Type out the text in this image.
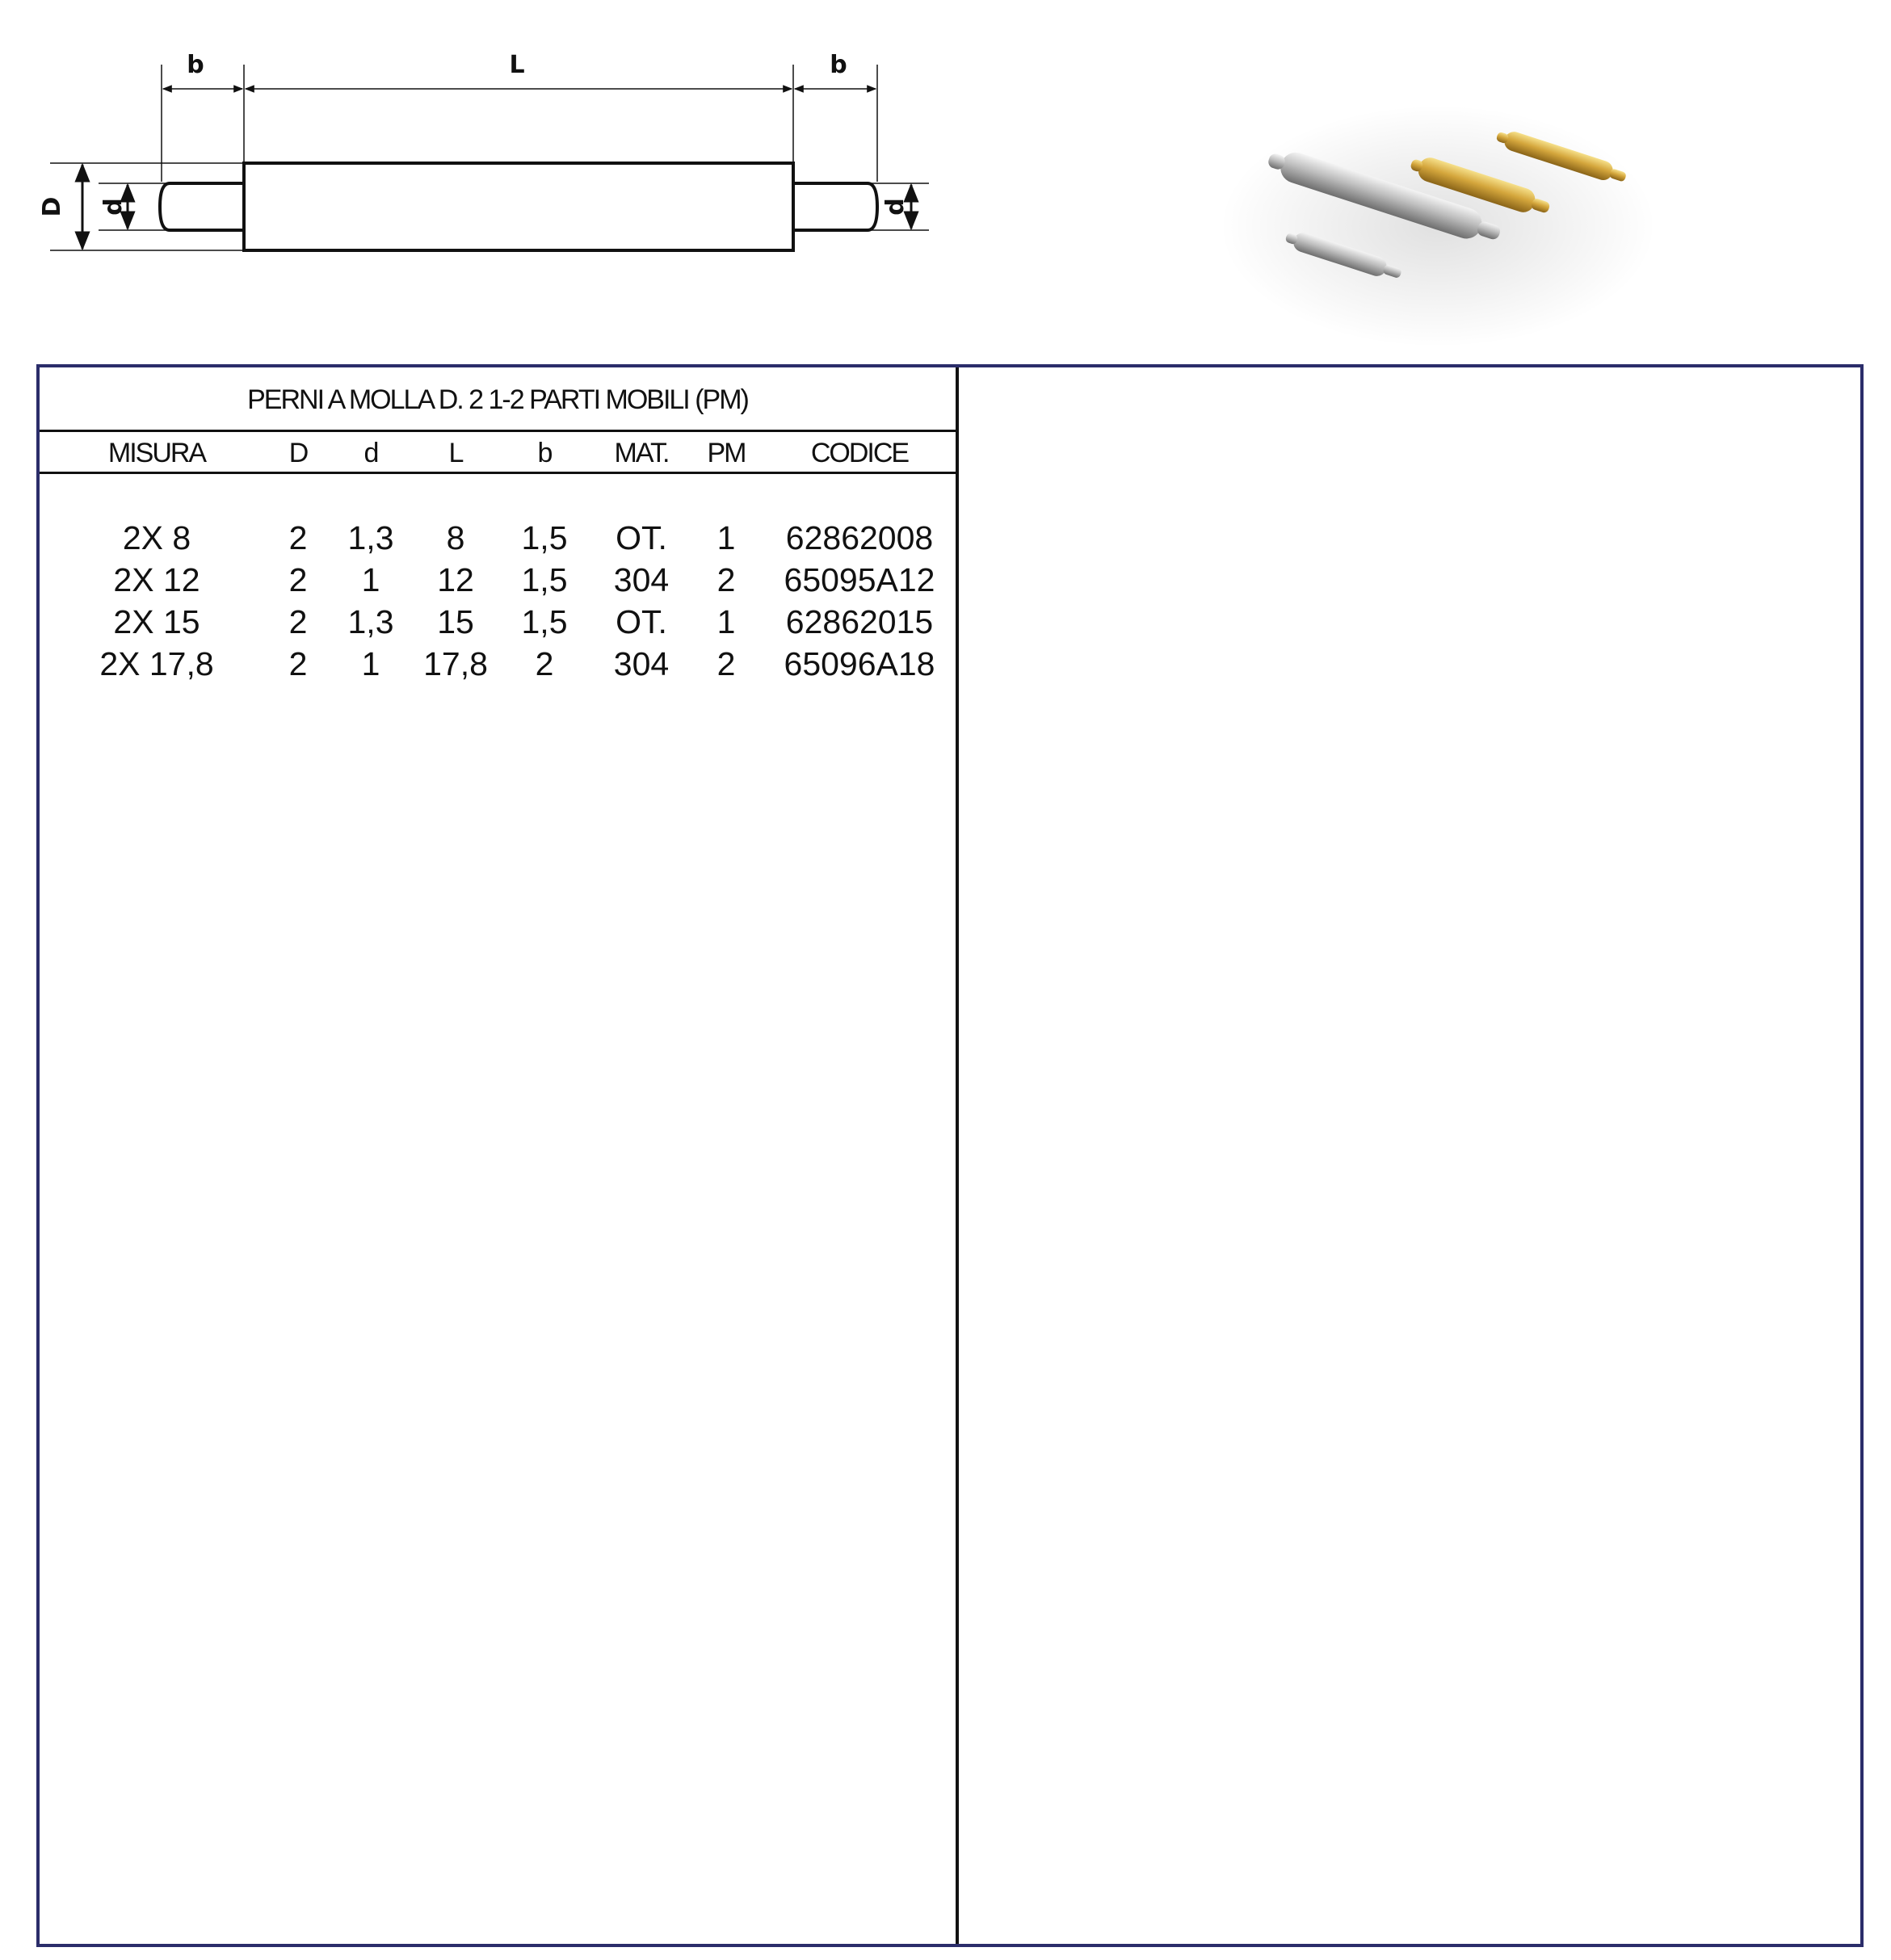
b	L	b
D d	d
PERNI A MOLLA D. 2 1-2 PARTI MOBILI (PM)
MISURA	D	d	L	b	MAT.	PM	CODICE
2X 8	2	1,3	8	1,5	OT.	1	62862008
2X 12	2	1	12	1,5	304	2	65095A12
2X 15	2	1,3	15	1,5	OT.	1	62862015
2X 17,8	2	1	17,8	2	304	2	65096A18
